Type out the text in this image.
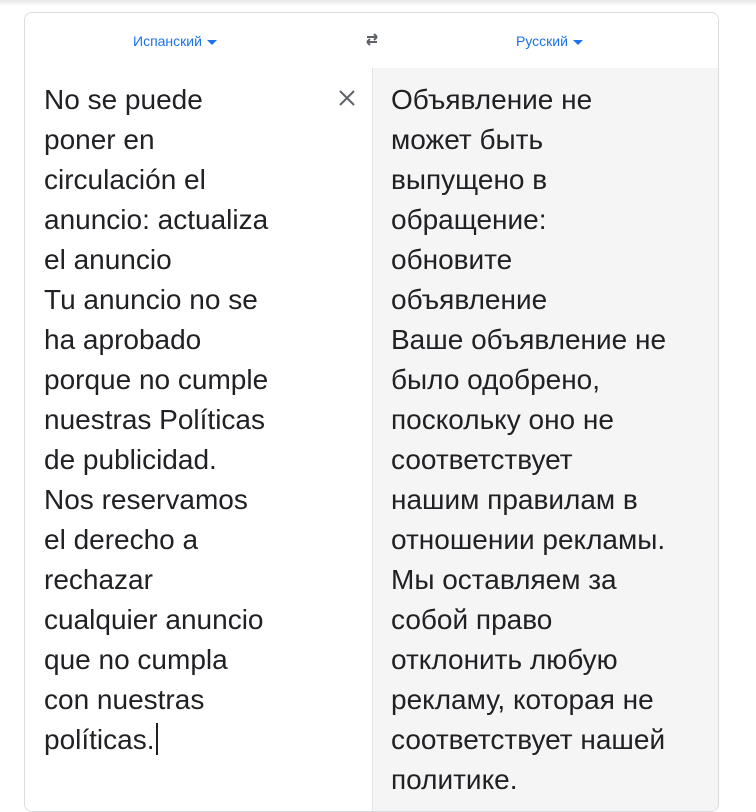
Испанский	Русский
No se puede
poner en
circulación el
anuncio: actualiza
el anuncio
Tu anuncio no se
ha aprobado
porque no cumple
nuestras Políticas
de publicidad.
Nos reservamos
el derecho a
rechazar
cualquier anuncio
que no cumpla
con nuestras
políticas.
Объявление не
может быть
выпущено в
обращение:
обновите
объявление
Ваше объявление не
было одобрено,
поскольку оно не
соответствует
нашим правилам в
отношении рекламы.
Мы оставляем за
собой право
отклонить любую
рекламу, которая не
соответствует нашей
политике.
